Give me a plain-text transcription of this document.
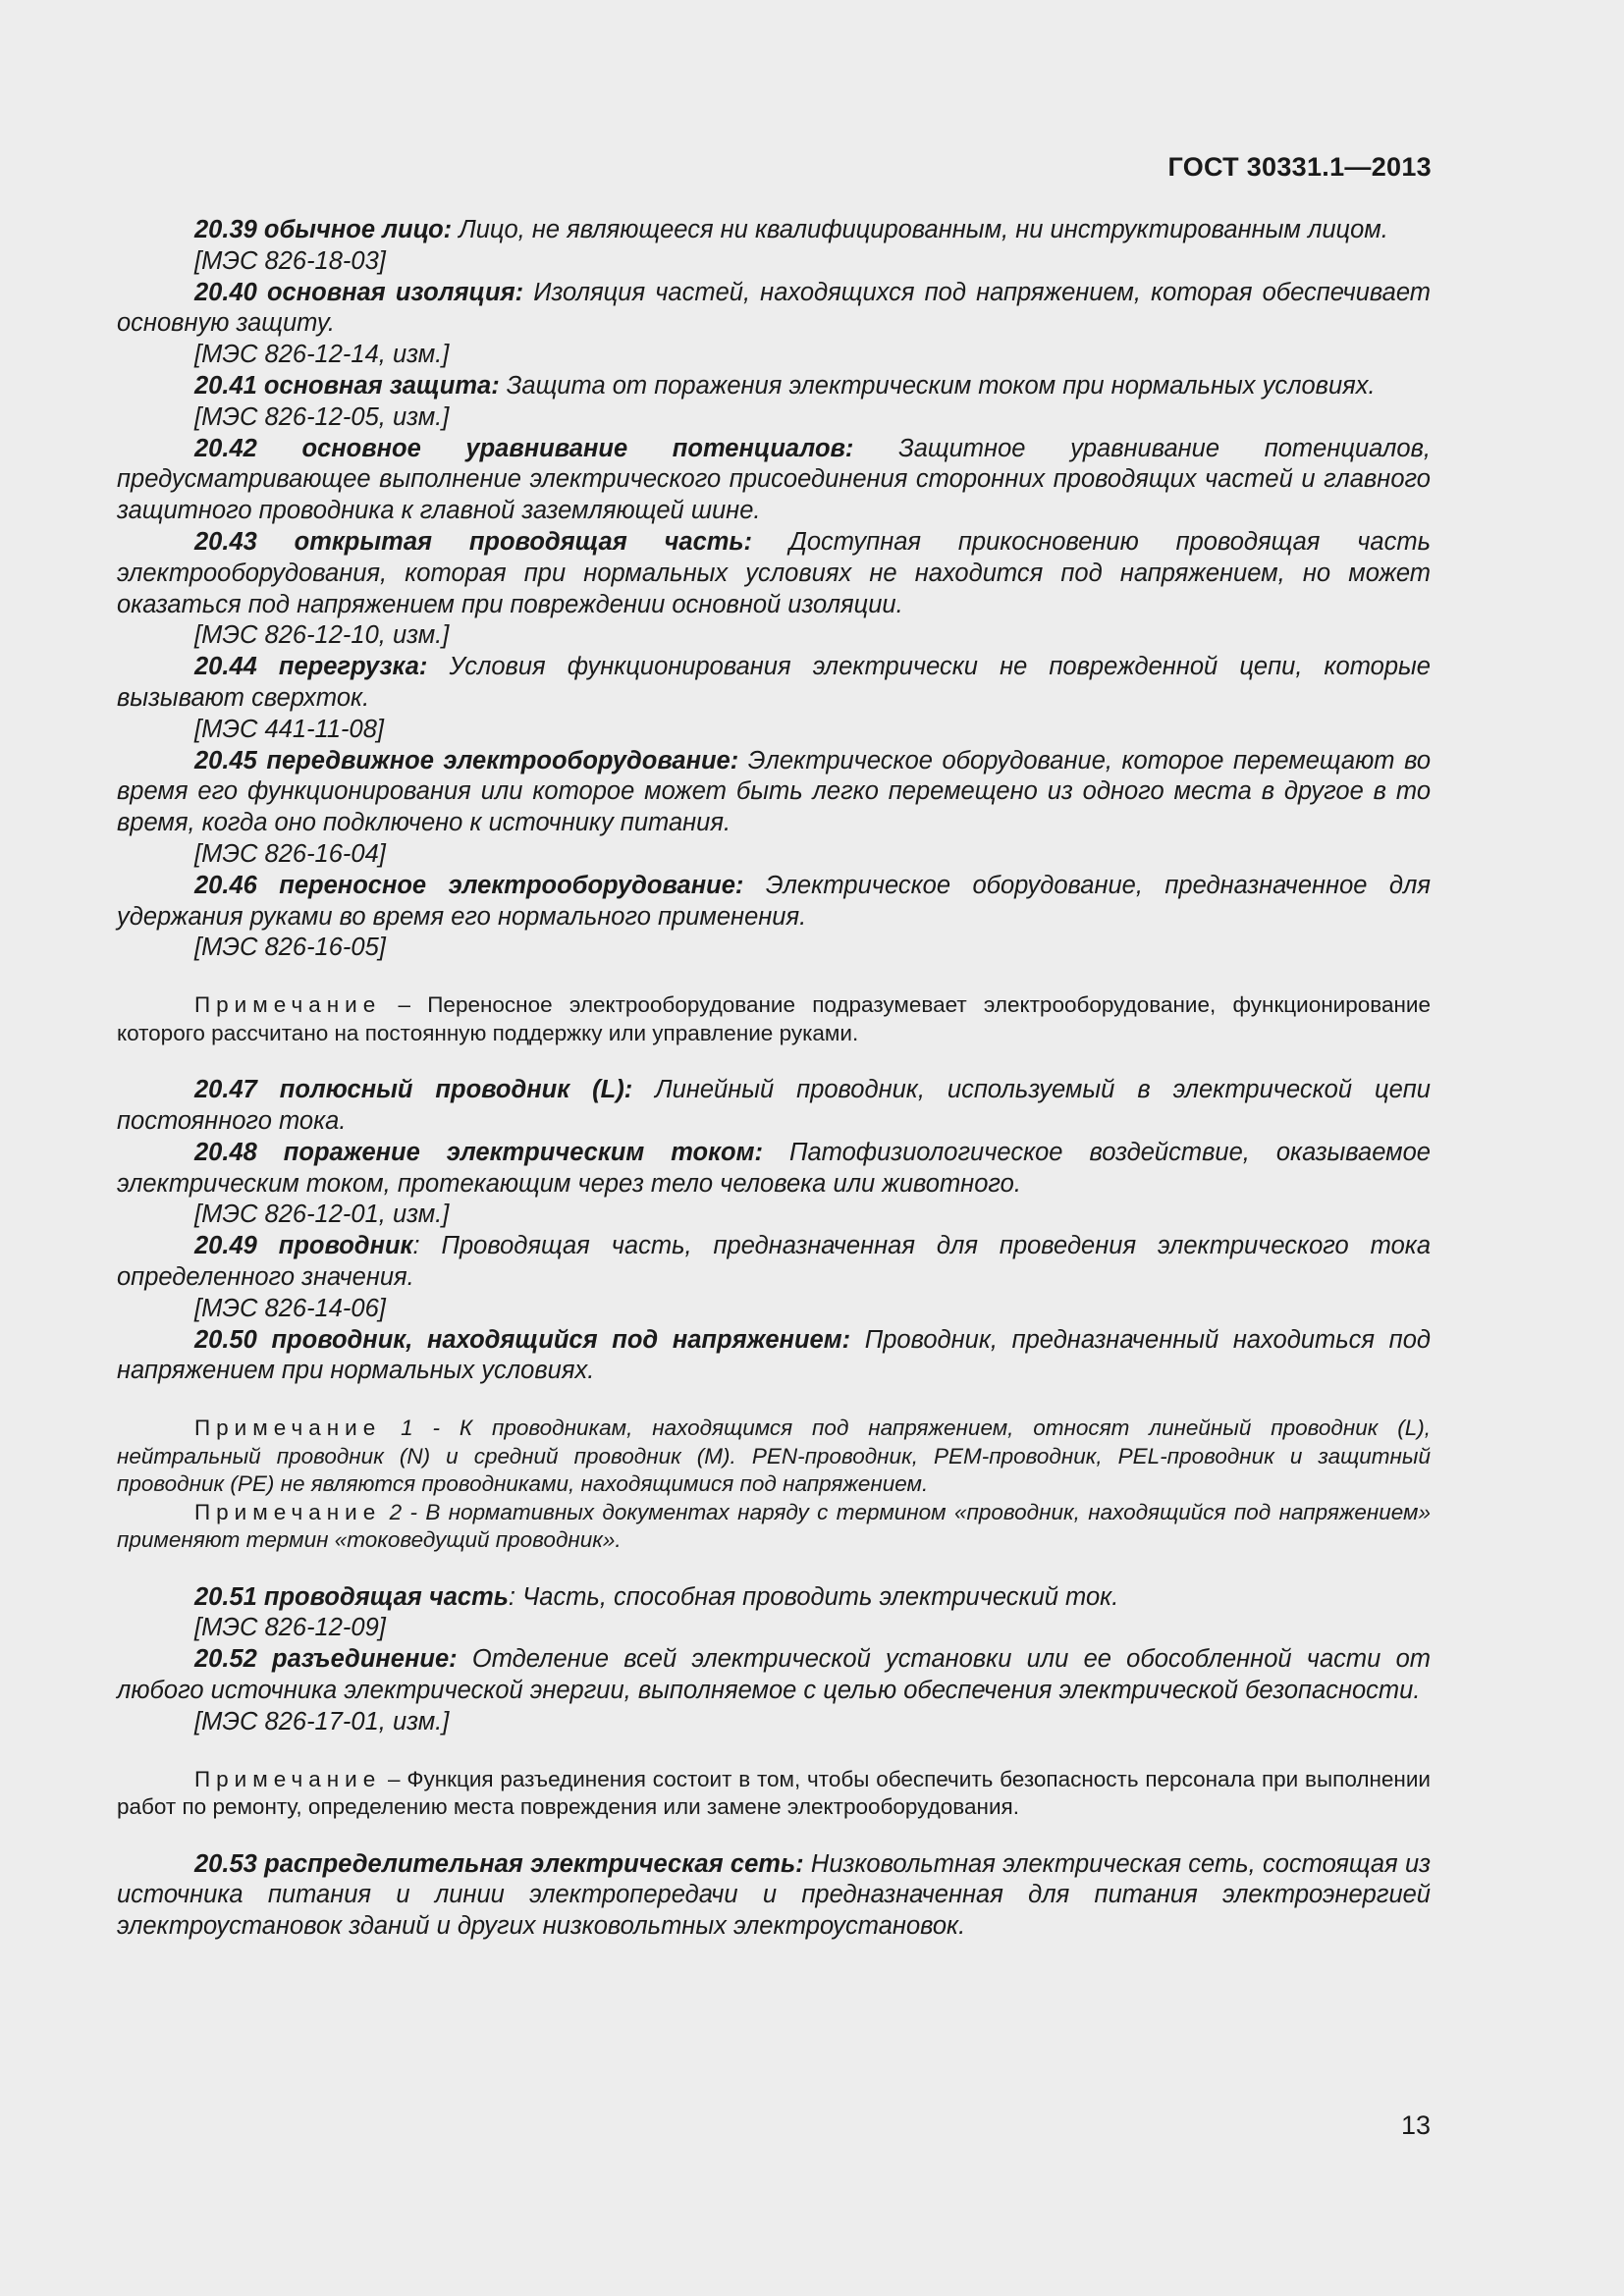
ГОСТ 30331.1—2013

20.39 обычное лицо: Лицо, не являющееся ни квалифицированным, ни инструктированным лицом.

[МЭС 826-18-03]

20.40 основная изоляция: Изоляция частей, находящихся под напряжением, которая обеспечивает основную защиту.

[МЭС 826-12-14, изм.]

20.41 основная защита: Защита от поражения электрическим током при нормальных условиях.

[МЭС 826-12-05, изм.]

20.42 основное уравнивание потенциалов: Защитное уравнивание потенциалов, предусматривающее выполнение электрического присоединения сторонних проводящих частей и главного защитного проводника к главной заземляющей шине.

20.43 открытая проводящая часть: Доступная прикосновению проводящая часть электрооборудования, которая при нормальных условиях не находится под напряжением, но может оказаться под напряжением при повреждении основной изоляции.

[МЭС 826-12-10, изм.]

20.44 перегрузка: Условия функционирования электрически не поврежденной цепи, которые вызывают сверхток.

[МЭС 441-11-08]

20.45 передвижное электрооборудование: Электрическое оборудование, которое перемещают во время его функционирования или которое может быть легко перемещено из одного места в другое в то время, когда оно подключено к источнику питания.

[МЭС 826-16-04]

20.46 переносное электрооборудование: Электрическое оборудование, предназначенное для удержания руками во время его нормального применения.

[МЭС 826-16-05]

Примечание – Переносное электрооборудование подразумевает электрооборудование, функционирование которого рассчитано на постоянную поддержку или управление руками.

20.47 полюсный проводник (L): Линейный проводник, используемый в электрической цепи постоянного тока.

20.48 поражение электрическим током: Патофизиологическое воздействие, оказываемое электрическим током, протекающим через тело человека или животного.

[МЭС 826-12-01, изм.]

20.49 проводник: Проводящая часть, предназначенная для проведения электрического тока определенного значения.

[МЭС 826-14-06]

20.50 проводник, находящийся под напряжением: Проводник, предназначенный находиться под напряжением при нормальных условиях.

Примечание 1 - К проводникам, находящимся под напряжением, относят линейный проводник (L), нейтральный проводник (N) и средний проводник (M). PEN-проводник, PEM-проводник, PEL-проводник и защитный проводник (PE) не являются проводниками, находящимися под напряжением.

Примечание 2 - В нормативных документах наряду с термином «проводник, находящийся под напряжением» применяют термин «токоведущий проводник».

20.51 проводящая часть: Часть, способная проводить электрический ток.

[МЭС 826-12-09]

20.52 разъединение: Отделение всей электрической установки или ее обособленной части от любого источника электрической энергии, выполняемое с целью обеспечения электрической безопасности.

[МЭС 826-17-01, изм.]

Примечание – Функция разъединения состоит в том, чтобы обеспечить безопасность персонала при выполнении работ по ремонту, определению места повреждения или замене электрооборудования.

20.53 распределительная электрическая сеть: Низковольтная электрическая сеть, состоящая из источника питания и линии электропередачи и предназначенная для питания электроэнергией электроустановок зданий и других низковольтных электроустановок.

13
